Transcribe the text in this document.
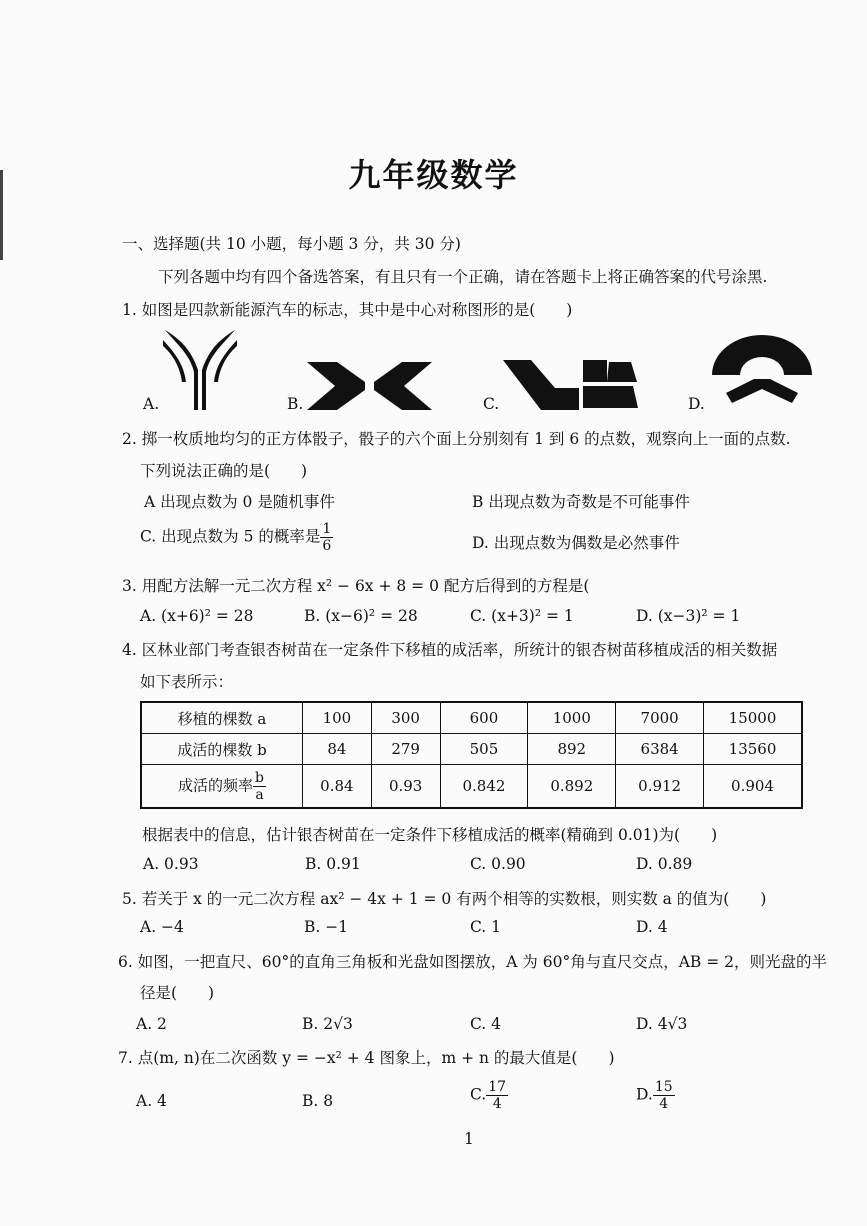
九年级数学
一、选择题(共 10 小题，每小题 3 分，共 30 分)
下列各题中均有四个备选答案，有且只有一个正确，请在答题卡上将正确答案的代号涂黑.
1. 如图是四款新能源汽车的标志，其中是中心对称图形的是(　　)
A.	B.	C.	D.
2. 掷一枚质地均匀的正方体骰子，骰子的六个面上分别刻有 1 到 6 的点数，观察向上一面的点数.
下列说法正确的是(　　)
A 出现点数为 0 是随机事件	B 出现点数为奇数是不可能事件
C. 出现点数为 5 的概率是 $\frac{1}{6}$	D. 出现点数为偶数是必然事件
3. 用配方法解一元二次方程 x² − 6x + 8 = 0 配方后得到的方程是(
A. (x+6)² = 28	B. (x−6)² = 28	C. (x+3)² = 1	D. (x−3)² = 1
4. 区林业部门考查银杏树苗在一定条件下移植的成活率，所统计的银杏树苗移植成活的相关数据
如下表所示：
移植的棵数 a	100	300	600	1000	7000	15000
成活的棵数 b	84	279	505	892	6384	13560
成活的频率 $\frac{b}{a}$	0.84	0.93	0.842	0.892	0.912	0.904
根据表中的信息，估计银杏树苗在一定条件下移植成活的概率(精确到 0.01)为(　　)
A. 0.93	B. 0.91	C. 0.90	D. 0.89
5. 若关于 x 的一元二次方程 ax² − 4x + 1 = 0 有两个相等的实数根，则实数 a 的值为(　　)
A. −4	B. −1	C. 1	D. 4
6. 如图，一把直尺、60°的直角三角板和光盘如图摆放，A 为 60°角与直尺交点，AB = 2，则光盘的半
径是(　　)
A. 2	B. 2√3	C. 4	D. 4√3
7. 点(m, n)在二次函数 y = −x² + 4 图象上，m + n 的最大值是(　　)
A. 4	B. 8	C. $\frac{17}{4}$	D. $\frac{15}{4}$
1
